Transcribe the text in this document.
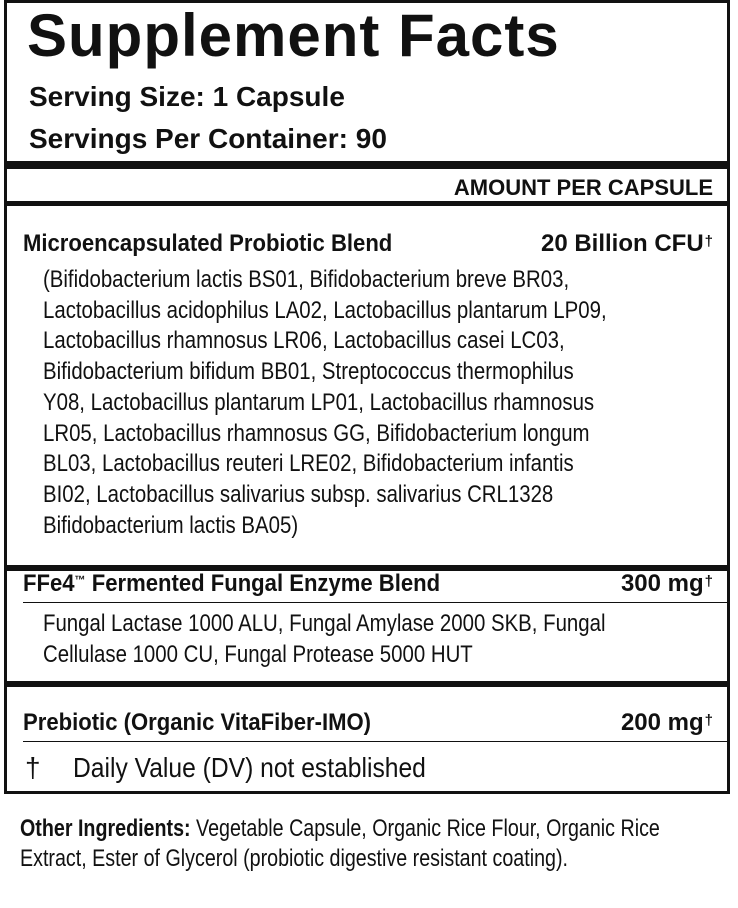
Supplement Facts
Serving Size: 1 Capsule
Servings Per Container: 90
AMOUNT PER CAPSULE
Microencapsulated Probiotic Blend	20 Billion CFU†
(Bifidobacterium lactis BS01, Bifidobacterium breve BR03,
Lactobacillus acidophilus LA02, Lactobacillus plantarum LP09,
Lactobacillus rhamnosus LR06, Lactobacillus casei LC03,
Bifidobacterium bifidum BB01, Streptococcus thermophilus
Y08, Lactobacillus plantarum LP01, Lactobacillus rhamnosus
LR05, Lactobacillus rhamnosus GG, Bifidobacterium longum
BL03, Lactobacillus reuteri LRE02, Bifidobacterium infantis
BI02, Lactobacillus salivarius subsp. salivarius CRL1328
Bifidobacterium lactis BA05)
FFe4™ Fermented Fungal Enzyme Blend	300 mg†
Fungal Lactase 1000 ALU, Fungal Amylase 2000 SKB, Fungal
Cellulase 1000 CU, Fungal Protease 5000 HUT
Prebiotic (Organic VitaFiber-IMO)	200 mg†
† Daily Value (DV) not established
Other Ingredients: Vegetable Capsule, Organic Rice Flour, Organic Rice Extract, Ester of Glycerol (probiotic digestive resistant coating).
